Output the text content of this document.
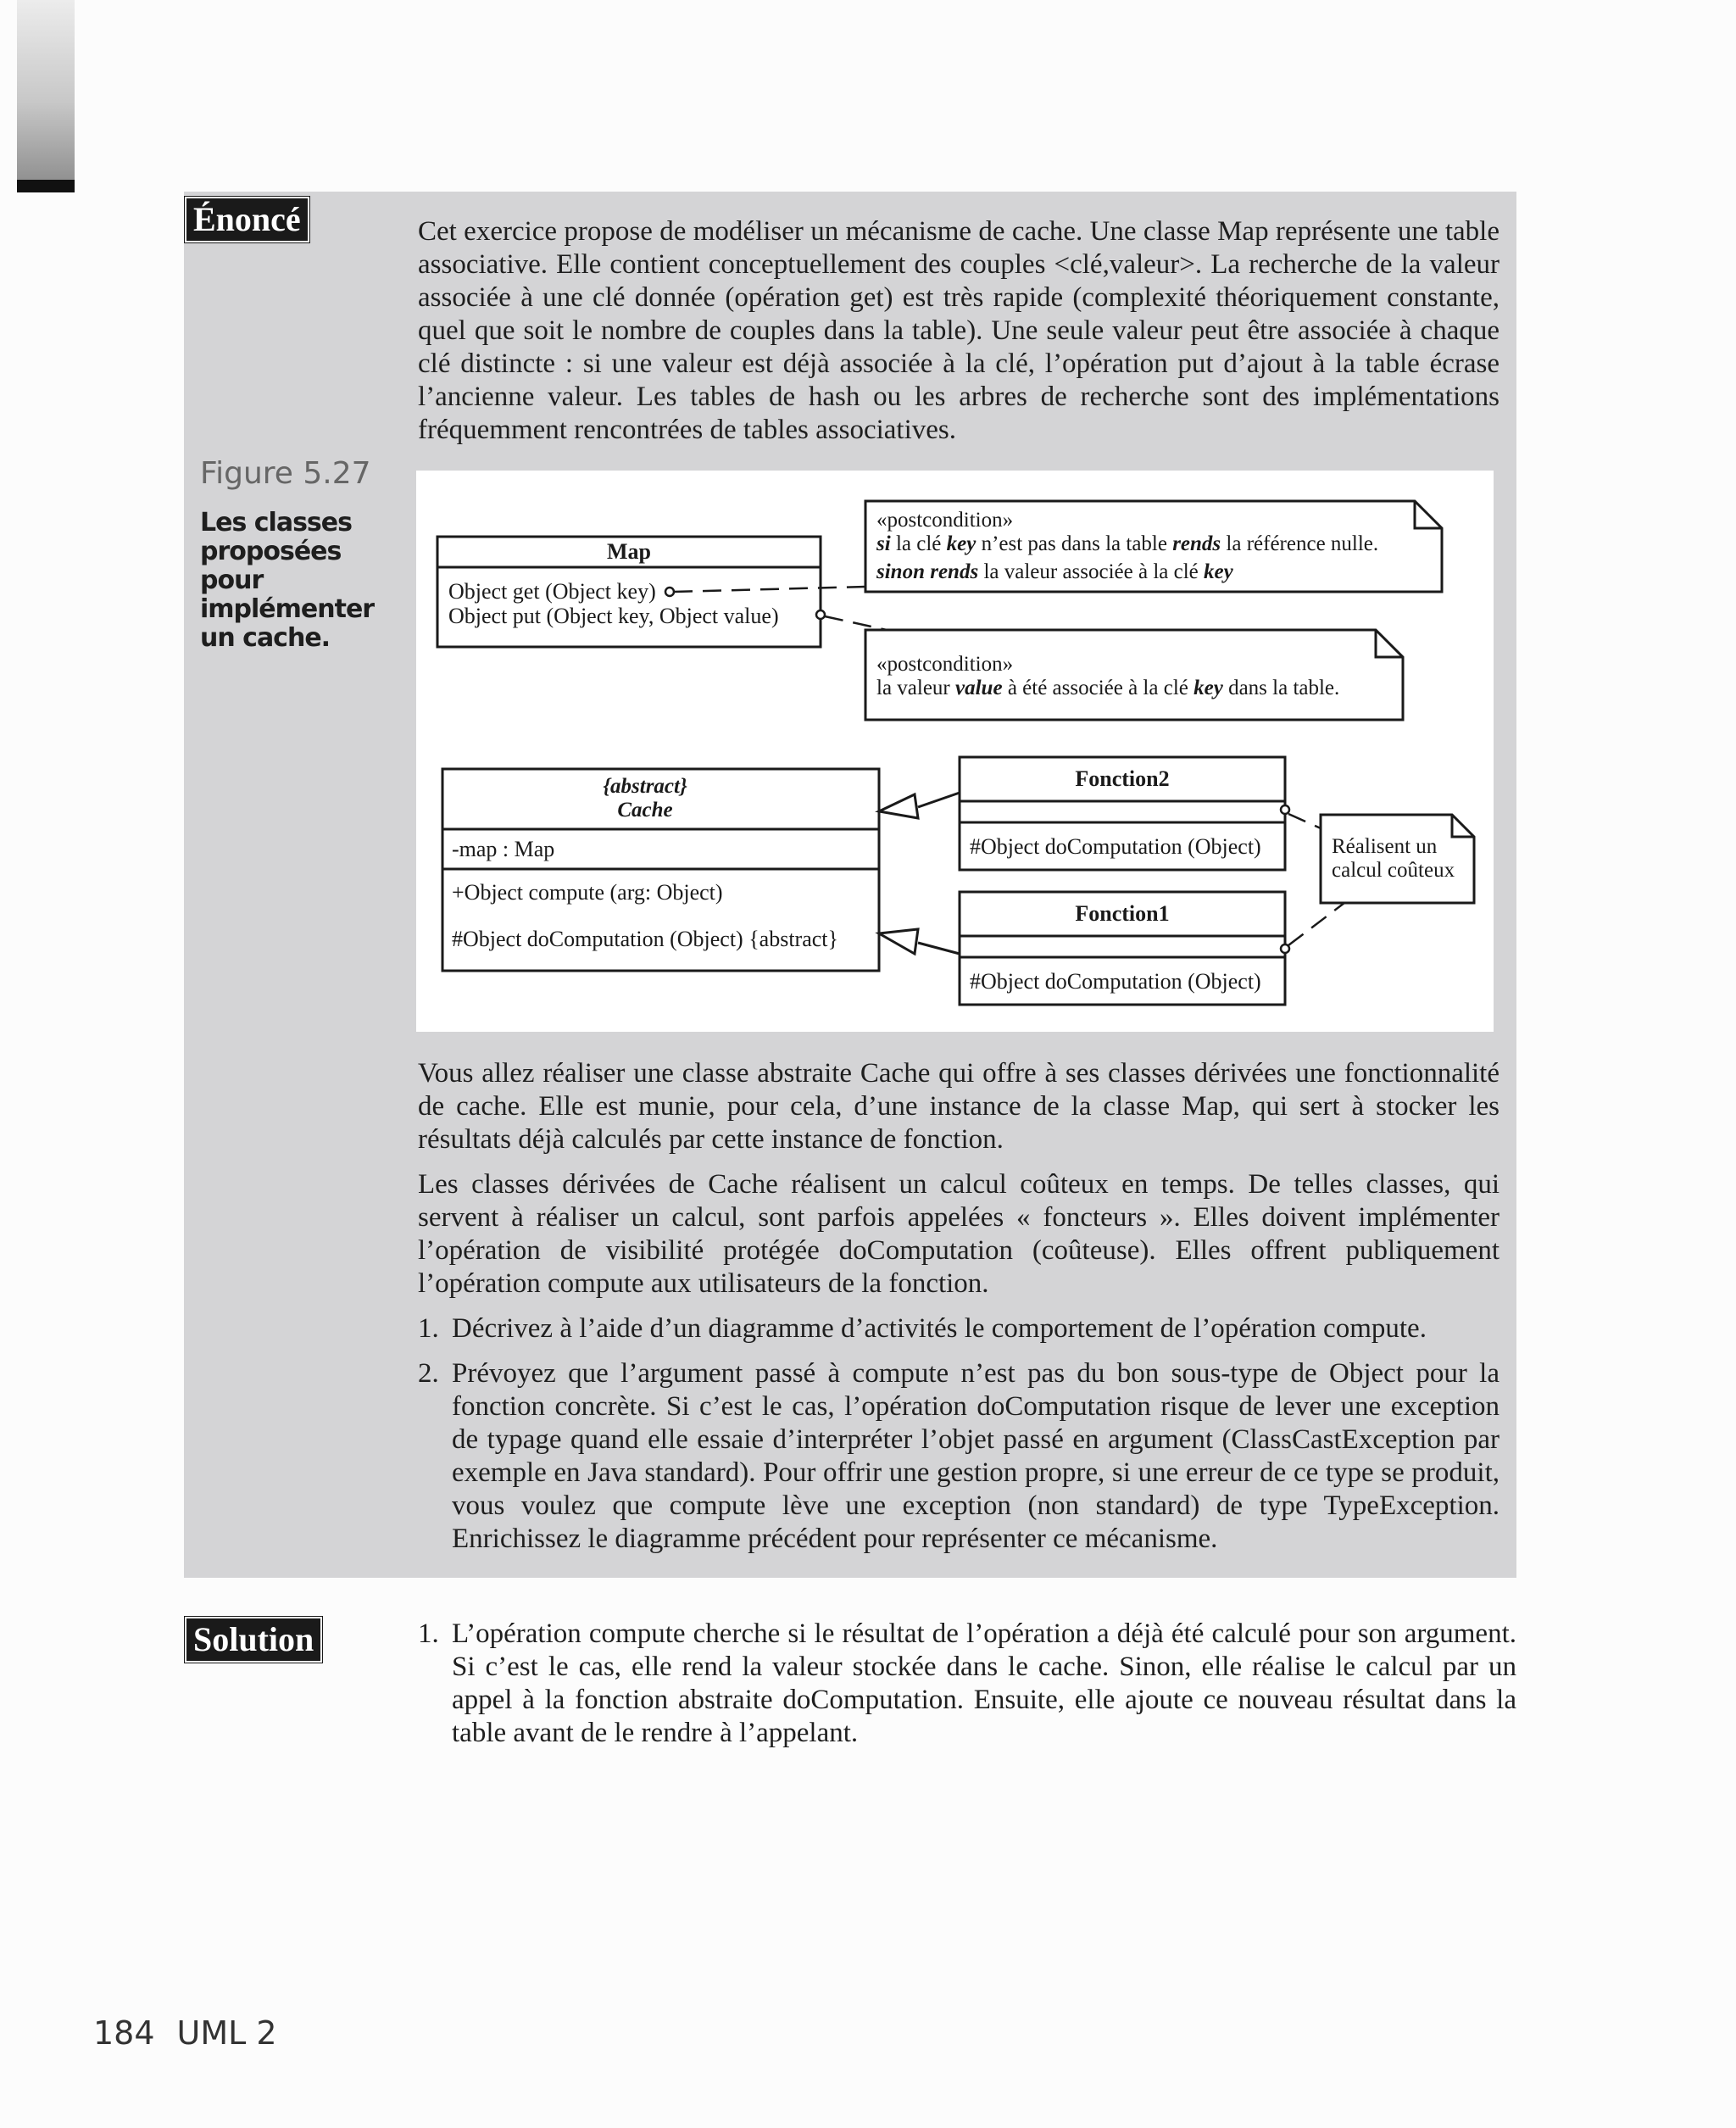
Énoncé
Figure 5.27
Les classes proposées pour implémenter un cache.

Cet exercice propose de modéliser un mécanisme de cache. Une classe Map représente une table associative. Elle contient conceptuellement des couples <clé,valeur>. La recherche de la valeur associée à une clé donnée (opération get) est très rapide (complexité théoriquement constante, quel que soit le nombre de couples dans la table). Une seule valeur peut être associée à chaque clé distincte : si une valeur est déjà associée à la clé, l’opération put d’ajout à la table écrase l’ancienne valeur. Les tables de hash ou les arbres de recherche sont des implémentations fréquemment rencontrées de tables associatives.

Map
Object get (Object key)
Object put (Object key, Object value)
«postcondition»
si la clé key n’est pas dans la table rends la référence nulle.
sinon rends la valeur associée à la clé key
«postcondition»
la valeur value à été associée à la clé key dans la table.
{abstract}
Cache
-map : Map
+Object compute (arg: Object)
#Object doComputation (Object) {abstract}
Fonction2
#Object doComputation (Object)
Fonction1
#Object doComputation (Object)
Réalisent un
calcul coûteux

Vous allez réaliser une classe abstraite Cache qui offre à ses classes dérivées une fonctionnalité de cache. Elle est munie, pour cela, d’une instance de la classe Map, qui sert à stocker les résultats déjà calculés par cette instance de fonction.

Les classes dérivées de Cache réalisent un calcul coûteux en temps. De telles classes, qui servent à réaliser un calcul, sont parfois appelées « foncteurs ». Elles doivent implémenter l’opération de visibilité protégée doComputation (coûteuse). Elles offrent publiquement l’opération compute aux utilisateurs de la fonction.

1. Décrivez à l’aide d’un diagramme d’activités le comportement de l’opération compute.
2. Prévoyez que l’argument passé à compute n’est pas du bon sous-type de Object pour la fonction concrète. Si c’est le cas, l’opération doComputation risque de lever une exception de typage quand elle essaie d’interpréter l’objet passé en argument (ClassCastException par exemple en Java standard). Pour offrir une gestion propre, si une erreur de ce type se produit, vous voulez que compute lève une exception (non standard) de type TypeException. Enrichissez le diagramme précédent pour représenter ce mécanisme.
Solution	1. L’opération compute cherche si le résultat de l’opération a déjà été calculé pour son argument. Si c’est le cas, elle rend la valeur stockée dans le cache. Sinon, elle réalise le calcul par un appel à la fonction abstraite doComputation. Ensuite, elle ajoute ce nouveau résultat dans la table avant de le rendre à l’appelant.
184 UML 2
